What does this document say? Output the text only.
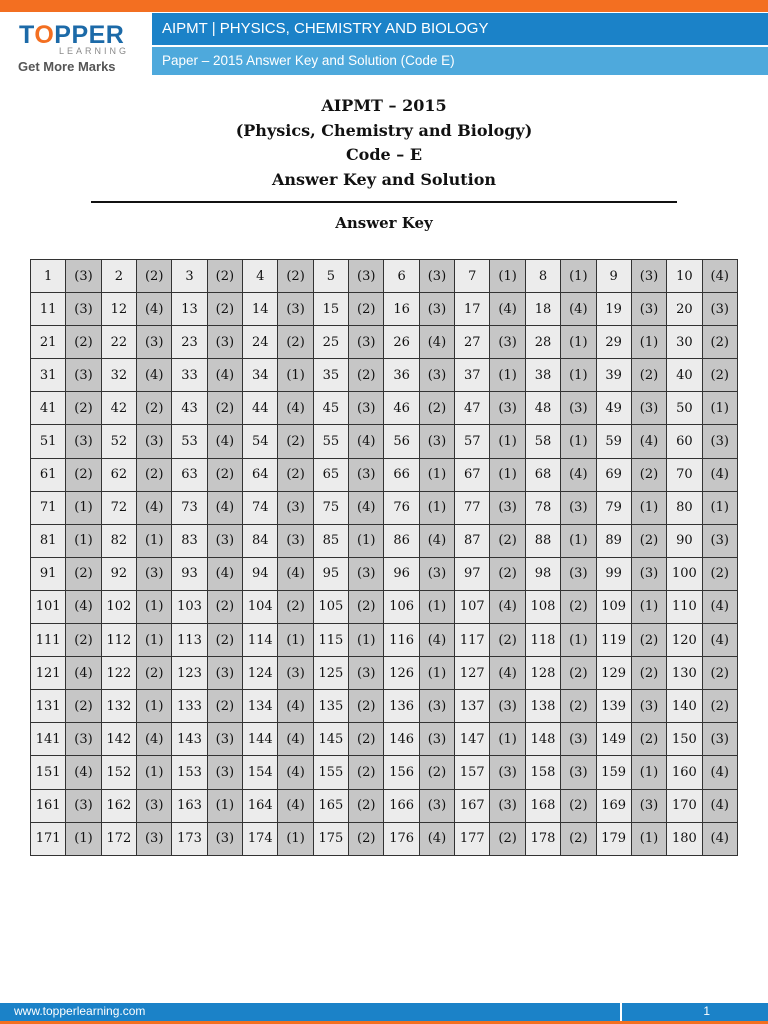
TOPPER
LEARNING
Get More Marks
AIPMT | PHYSICS, CHEMISTRY AND BIOLOGY
Paper – 2015 Answer Key and Solution (Code E)
AIPMT – 2015
(Physics, Chemistry and Biology)
Code – E
Answer Key and Solution
Answer Key
1	(3)	2	(2)	3	(2)	4	(2)	5	(3)	6	(3)	7	(1)	8	(1)	9	(3)	10	(4)
11	(3)	12	(4)	13	(2)	14	(3)	15	(2)	16	(3)	17	(4)	18	(4)	19	(3)	20	(3)
21	(2)	22	(3)	23	(3)	24	(2)	25	(3)	26	(4)	27	(3)	28	(1)	29	(1)	30	(2)
31	(3)	32	(4)	33	(4)	34	(1)	35	(2)	36	(3)	37	(1)	38	(1)	39	(2)	40	(2)
41	(2)	42	(2)	43	(2)	44	(4)	45	(3)	46	(2)	47	(3)	48	(3)	49	(3)	50	(1)
51	(3)	52	(3)	53	(4)	54	(2)	55	(4)	56	(3)	57	(1)	58	(1)	59	(4)	60	(3)
61	(2)	62	(2)	63	(2)	64	(2)	65	(3)	66	(1)	67	(1)	68	(4)	69	(2)	70	(4)
71	(1)	72	(4)	73	(4)	74	(3)	75	(4)	76	(1)	77	(3)	78	(3)	79	(1)	80	(1)
81	(1)	82	(1)	83	(3)	84	(3)	85	(1)	86	(4)	87	(2)	88	(1)	89	(2)	90	(3)
91	(2)	92	(3)	93	(4)	94	(4)	95	(3)	96	(3)	97	(2)	98	(3)	99	(3)	100	(2)
101	(4)	102	(1)	103	(2)	104	(2)	105	(2)	106	(1)	107	(4)	108	(2)	109	(1)	110	(4)
111	(2)	112	(1)	113	(2)	114	(1)	115	(1)	116	(4)	117	(2)	118	(1)	119	(2)	120	(4)
121	(4)	122	(2)	123	(3)	124	(3)	125	(3)	126	(1)	127	(4)	128	(2)	129	(2)	130	(2)
131	(2)	132	(1)	133	(2)	134	(4)	135	(2)	136	(3)	137	(3)	138	(2)	139	(3)	140	(2)
141	(3)	142	(4)	143	(3)	144	(4)	145	(2)	146	(3)	147	(1)	148	(3)	149	(2)	150	(3)
151	(4)	152	(1)	153	(3)	154	(4)	155	(2)	156	(2)	157	(3)	158	(3)	159	(1)	160	(4)
161	(3)	162	(3)	163	(1)	164	(4)	165	(2)	166	(3)	167	(3)	168	(2)	169	(3)	170	(4)
171	(1)	172	(3)	173	(3)	174	(1)	175	(2)	176	(4)	177	(2)	178	(2)	179	(1)	180	(4)
www.topperlearning.com	1
